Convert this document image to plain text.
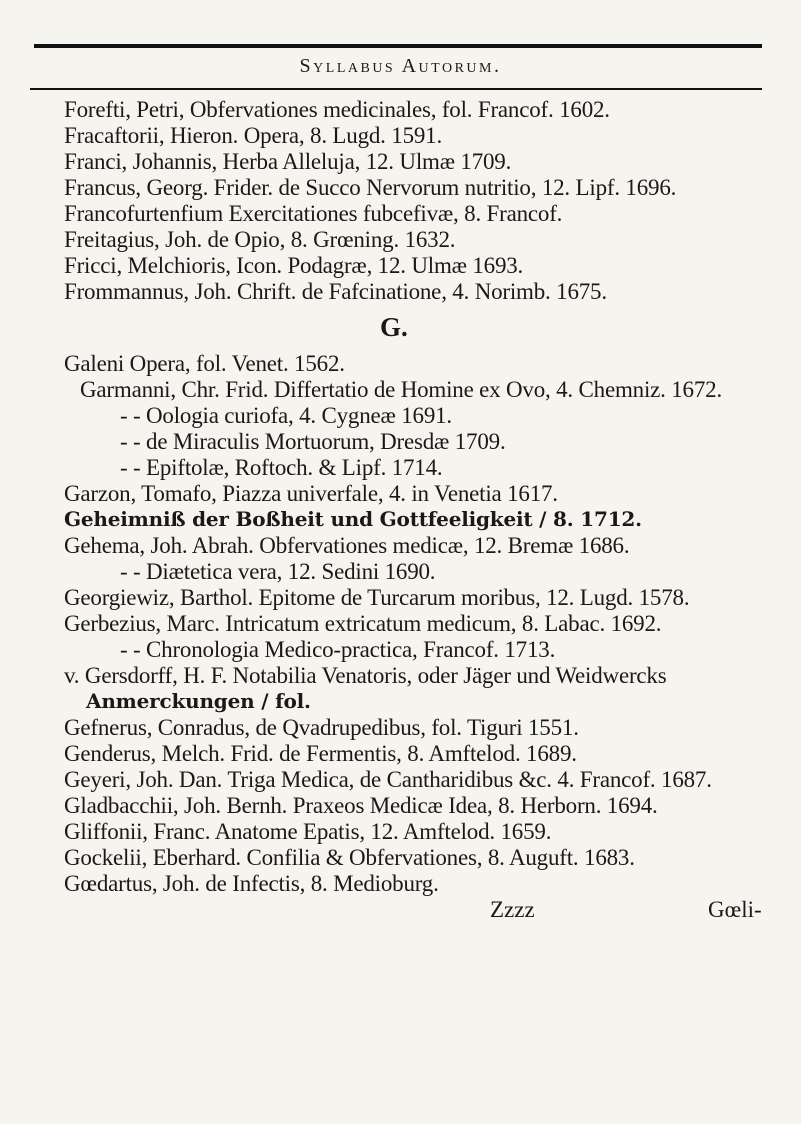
Syllabus Autorum.
Forefti, Petri, Obfervationes medicinales, fol. Francof. 1602.
Fracaftorii, Hieron. Opera, 8. Lugd. 1591.
Franci, Johannis, Herba Alleluja, 12. Ulmæ 1709.
Francus, Georg. Frider. de Succo Nervorum nutritio, 12. Lipf. 1696.
Francofurtenfium Exercitationes fubcefivæ, 8. Francof.
Freitagius, Joh. de Opio, 8. Grœning. 1632.
Fricci, Melchioris, Icon. Podagræ, 12. Ulmæ 1693.
Frommannus, Joh. Chrift. de Fafcinatione, 4. Norimb. 1675.
G.
Galeni Opera, fol. Venet. 1562.
Garmanni, Chr. Frid. Differtatio de Homine ex Ovo, 4. Chemniz. 1672.
- - Oologia curiofa, 4. Cygneæ 1691.
- - de Miraculis Mortuorum, Dresdæ 1709.
- - Epiftolæ, Roftoch. & Lipf. 1714.
Garzon, Tomafo, Piazza univerfale, 4. in Venetia 1617.
Geheimniß der Boßheit und Gottfeeligkeit / 8. 1712.
Gehema, Joh. Abrah. Obfervationes medicæ, 12. Bremæ 1686.
- - Diætetica vera, 12. Sedini 1690.
Georgiewiz, Barthol. Epitome de Turcarum moribus, 12. Lugd. 1578.
Gerbezius, Marc. Intricatum extricatum medicum, 8. Labac. 1692.
- - Chronologia Medico-practica, Francof. 1713.
v. Gersdorff, H. F. Notabilia Venatoris, oder Jäger und Weidwercks
Anmerckungen / fol.
Gefnerus, Conradus, de Qvadrupedibus, fol. Tiguri 1551.
Genderus, Melch. Frid. de Fermentis, 8. Amftelod. 1689.
Geyeri, Joh. Dan. Triga Medica, de Cantharidibus &c. 4. Francof. 1687.
Gladbacchii, Joh. Bernh. Praxeos Medicæ Idea, 8. Herborn. 1694.
Gliffonii, Franc. Anatome Epatis, 12. Amftelod. 1659.
Gockelii, Eberhard. Confilia & Obfervationes, 8. Auguft. 1683.
Gœdartus, Joh. de Infectis, 8. Medioburg.
Zzzz	Gœli-
